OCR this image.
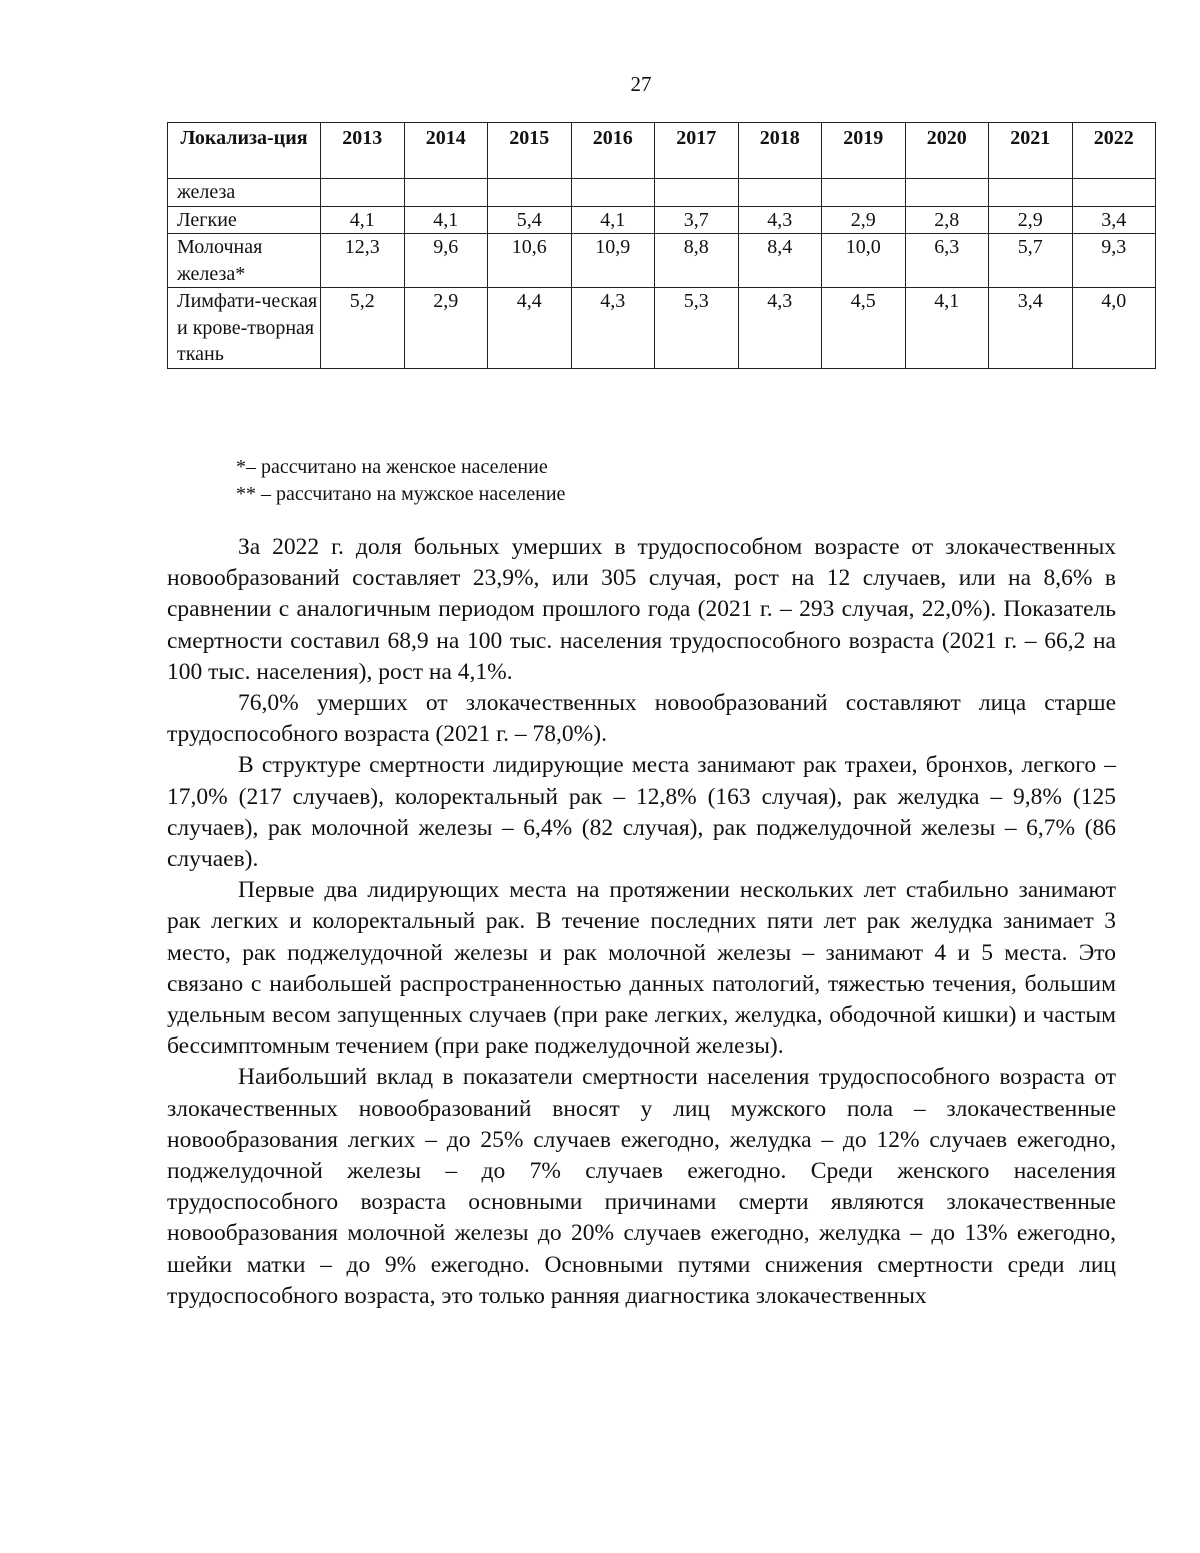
27
Локализа-ция	2013	2014	2015	2016	2017	2018	2019	2020	2021	2022
железа										
Легкие	4,1	4,1	5,4	4,1	3,7	4,3	2,9	2,8	2,9	3,4
Молочная железа*	12,3	9,6	10,6	10,9	8,8	8,4	10,0	6,3	5,7	9,3
Лимфати-ческая и крове-творная ткань	5,2	2,9	4,4	4,3	5,3	4,3	4,5	4,1	3,4	4,0
*– рассчитано на женское население
** – рассчитано на мужское население

За 2022 г. доля больных умерших в трудоспособном возрасте от злокачественных новообразований составляет 23,9%, или 305 случая, рост на 12 случаев, или на 8,6% в сравнении с аналогичным периодом прошлого года (2021 г. – 293 случая, 22,0%). Показатель смертности составил 68,9 на 100 тыс. населения трудоспособного возраста (2021 г. – 66,2 на 100 тыс. населения), рост на 4,1%.

76,0% умерших от злокачественных новообразований составляют лица старше трудоспособного возраста (2021 г. – 78,0%).

В структуре смертности лидирующие места занимают рак трахеи, бронхов, легкого – 17,0% (217 случаев), колоректальный рак – 12,8% (163 случая), рак желудка – 9,8% (125 случаев), рак молочной железы – 6,4% (82 случая), рак поджелудочной железы – 6,7% (86 случаев).

Первые два лидирующих места на протяжении нескольких лет стабильно занимают рак легких и колоректальный рак. В течение последних пяти лет рак желудка занимает 3 место, рак поджелудочной железы и рак молочной железы – занимают 4 и 5 места. Это связано с наибольшей распространенностью данных патологий, тяжестью течения, большим удельным весом запущенных случаев (при раке легких, желудка, ободочной кишки) и частым бессимптомным течением (при раке поджелудочной железы).

Наибольший вклад в показатели смертности населения трудоспособного возраста от злокачественных новообразований вносят у лиц мужского пола – злокачественные новообразования легких – до 25% случаев ежегодно, желудка – до 12% случаев ежегодно, поджелудочной железы – до 7% случаев ежегодно. Среди женского населения трудоспособного возраста основными причинами смерти являются злокачественные новообразования молочной железы до 20% случаев ежегодно, желудка – до 13% ежегодно, шейки матки – до 9% ежегодно. Основными путями снижения смертности среди лиц трудоспособного возраста, это только ранняя диагностика злокачественных
